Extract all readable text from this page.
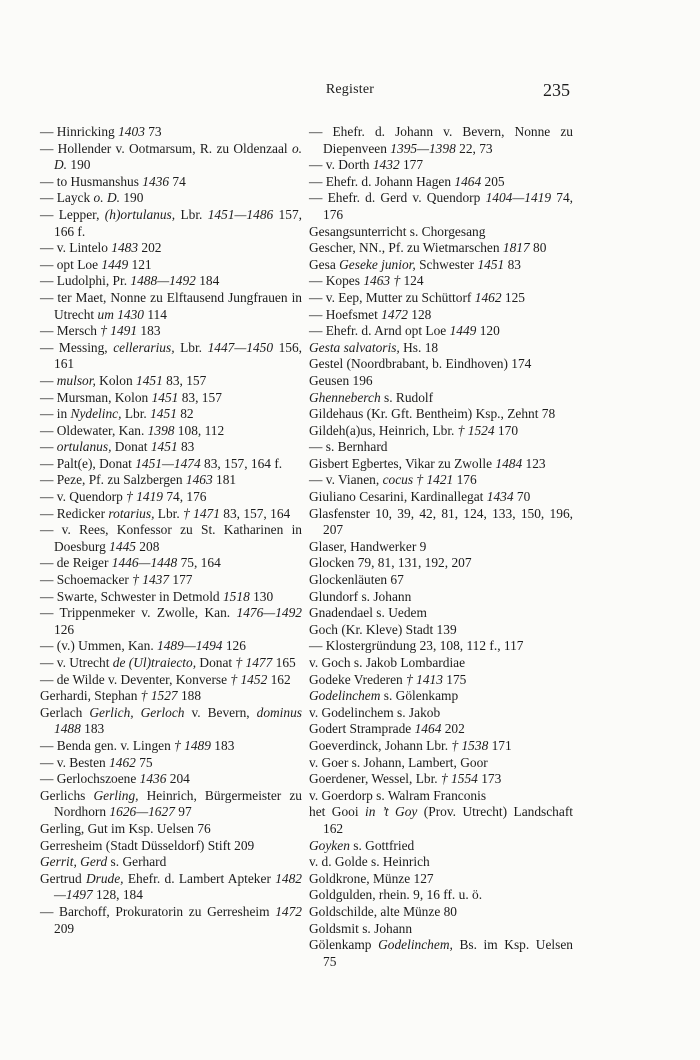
Register	235
— Hinricking 1403 73
— Hollender v. Ootmarsum, R. zu Oldenzaal o. D. 190
— to Husmanshus 1436 74
— Layck o. D. 190
— Lepper, (h)ortulanus, Lbr. 1451—1486 157, 166 f.
— v. Lintelo 1483 202
— opt Loe 1449 121
— Ludolphi, Pr. 1488—1492 184
— ter Maet, Nonne zu Elftausend Jungfrauen in Utrecht um 1430 114
— Mersch † 1491 183
— Messing, cellerarius, Lbr. 1447—1450 156, 161
— mulsor, Kolon 1451 83, 157
— Mursman, Kolon 1451 83, 157
— in Nydelinc, Lbr. 1451 82
— Oldewater, Kan. 1398 108, 112
— ortulanus, Donat 1451 83
— Palt(e), Donat 1451—1474 83, 157, 164 f.
— Peze, Pf. zu Salzbergen 1463 181
— v. Quendorp † 1419 74, 176
— Redicker rotarius, Lbr. † 1471 83, 157, 164
— v. Rees, Konfessor zu St. Katharinen in Doesburg 1445 208
— de Reiger 1446—1448 75, 164
— Schoemacker † 1437 177
— Swarte, Schwester in Detmold 1518 130
— Trippenmeker v. Zwolle, Kan. 1476—1492 126
— (v.) Ummen, Kan. 1489—1494 126
— v. Utrecht de (Ul)traiecto, Donat † 1477 165
— de Wilde v. Deventer, Konverse † 1452 162
Gerhardi, Stephan † 1527 188
Gerlach Gerlich, Gerloch v. Bevern, dominus 1488 183
— Benda gen. v. Lingen † 1489 183
— v. Besten 1462 75
— Gerlochszoene 1436 204
Gerlichs Gerling, Heinrich, Bürgermeister zu Nordhorn 1626—1627 97
Gerling, Gut im Ksp. Uelsen 76
Gerresheim (Stadt Düsseldorf) Stift 209
Gerrit, Gerd s. Gerhard
Gertrud Drude, Ehefr. d. Lambert Apteker 1482—1497 128, 184
— Barchoff, Prokuratorin zu Gerresheim 1472 209
— Ehefr. d. Johann v. Bevern, Nonne zu Diepenveen 1395—1398 22, 73
— v. Dorth 1432 177
— Ehefr. d. Johann Hagen 1464 205
— Ehefr. d. Gerd v. Quendorp 1404—1419 74, 176
Gesangsunterricht s. Chorgesang
Gescher, NN., Pf. zu Wietmarschen 1817 80
Gesa Geseke junior, Schwester 1451 83
— Kopes 1463 † 124
— v. Eep, Mutter zu Schüttorf 1462 125
— Hoefsmet 1472 128
— Ehefr. d. Arnd opt Loe 1449 120
Gesta salvatoris, Hs. 18
Gestel (Noordbrabant, b. Eindhoven) 174
Geusen 196
Ghenneberch s. Rudolf
Gildehaus (Kr. Gft. Bentheim) Ksp., Zehnt 78
Gildeh(a)us, Heinrich, Lbr. † 1524 170
— s. Bernhard
Gisbert Egbertes, Vikar zu Zwolle 1484 123
— v. Vianen, cocus † 1421 176
Giuliano Cesarini, Kardinallegat 1434 70
Glasfenster 10, 39, 42, 81, 124, 133, 150, 196, 207
Glaser, Handwerker 9
Glocken 79, 81, 131, 192, 207
Glockenläuten 67
Glundorf s. Johann
Gnadendael s. Uedem
Goch (Kr. Kleve) Stadt 139
— Klostergründung 23, 108, 112 f., 117
v. Goch s. Jakob Lombardiae
Godeke Vrederen † 1413 175
Godelinchem s. Gölenkamp
v. Godelinchem s. Jakob
Godert Stramprade 1464 202
Goeverdinck, Johann Lbr. † 1538 171
v. Goer s. Johann, Lambert, Goor
Goerdener, Wessel, Lbr. † 1554 173
v. Goerdorp s. Walram Franconis
het Gooi in ’t Goy (Prov. Utrecht) Landschaft 162
Goyken s. Gottfried
v. d. Golde s. Heinrich
Goldkrone, Münze 127
Goldgulden, rhein. 9, 16 ff. u. ö.
Goldschilde, alte Münze 80
Goldsmit s. Johann
Gölenkamp Godelinchem, Bs. im Ksp. Uelsen 75
